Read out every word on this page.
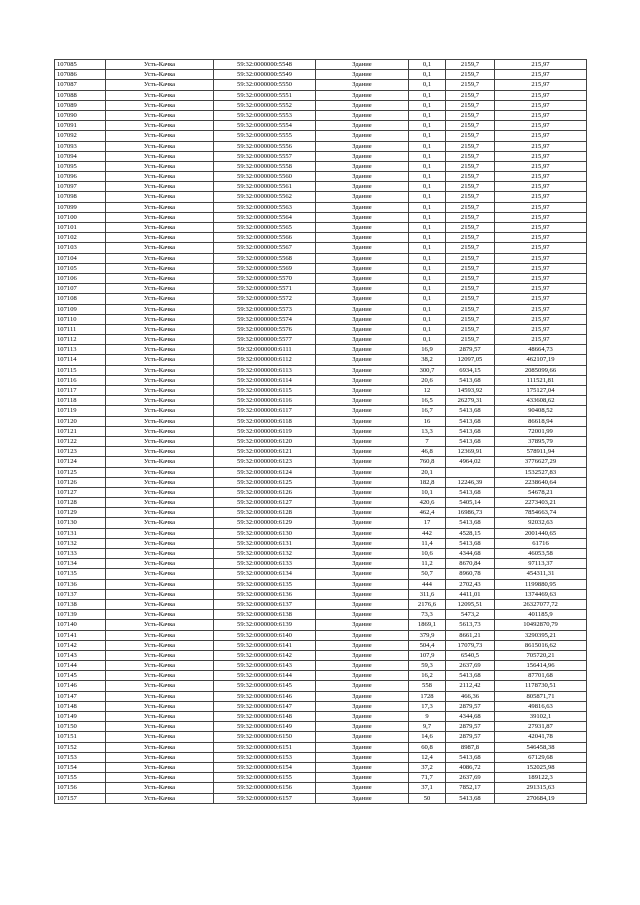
107085	Усть-Качка	59:32:0000000:5548	Здание	0,1	2159,7	215,97
107086	Усть-Качка	59:32:0000000:5549	Здание	0,1	2159,7	215,97
107087	Усть-Качка	59:32:0000000:5550	Здание	0,1	2159,7	215,97
107088	Усть-Качка	59:32:0000000:5551	Здание	0,1	2159,7	215,97
107089	Усть-Качка	59:32:0000000:5552	Здание	0,1	2159,7	215,97
107090	Усть-Качка	59:32:0000000:5553	Здание	0,1	2159,7	215,97
107091	Усть-Качка	59:32:0000000:5554	Здание	0,1	2159,7	215,97
107092	Усть-Качка	59:32:0000000:5555	Здание	0,1	2159,7	215,97
107093	Усть-Качка	59:32:0000000:5556	Здание	0,1	2159,7	215,97
107094	Усть-Качка	59:32:0000000:5557	Здание	0,1	2159,7	215,97
107095	Усть-Качка	59:32:0000000:5558	Здание	0,1	2159,7	215,97
107096	Усть-Качка	59:32:0000000:5560	Здание	0,1	2159,7	215,97
107097	Усть-Качка	59:32:0000000:5561	Здание	0,1	2159,7	215,97
107098	Усть-Качка	59:32:0000000:5562	Здание	0,1	2159,7	215,97
107099	Усть-Качка	59:32:0000000:5563	Здание	0,1	2159,7	215,97
107100	Усть-Качка	59:32:0000000:5564	Здание	0,1	2159,7	215,97
107101	Усть-Качка	59:32:0000000:5565	Здание	0,1	2159,7	215,97
107102	Усть-Качка	59:32:0000000:5566	Здание	0,1	2159,7	215,97
107103	Усть-Качка	59:32:0000000:5567	Здание	0,1	2159,7	215,97
107104	Усть-Качка	59:32:0000000:5568	Здание	0,1	2159,7	215,97
107105	Усть-Качка	59:32:0000000:5569	Здание	0,1	2159,7	215,97
107106	Усть-Качка	59:32:0000000:5570	Здание	0,1	2159,7	215,97
107107	Усть-Качка	59:32:0000000:5571	Здание	0,1	2159,7	215,97
107108	Усть-Качка	59:32:0000000:5572	Здание	0,1	2159,7	215,97
107109	Усть-Качка	59:32:0000000:5573	Здание	0,1	2159,7	215,97
107110	Усть-Качка	59:32:0000000:5574	Здание	0,1	2159,7	215,97
107111	Усть-Качка	59:32:0000000:5576	Здание	0,1	2159,7	215,97
107112	Усть-Качка	59:32:0000000:5577	Здание	0,1	2159,7	215,97
107113	Усть-Качка	59:32:0000000:6111	Здание	16,9	2879,57	48664,73
107114	Усть-Качка	59:32:0000000:6112	Здание	38,2	12097,05	462107,19
107115	Усть-Качка	59:32:0000000:6113	Здание	300,7	6934,15	2085099,66
107116	Усть-Качка	59:32:0000000:6114	Здание	20,6	5413,68	111521,81
107117	Усть-Качка	59:32:0000000:6115	Здание	12	14593,92	175127,04
107118	Усть-Качка	59:32:0000000:6116	Здание	16,5	26279,31	433608,62
107119	Усть-Качка	59:32:0000000:6117	Здание	16,7	5413,68	90408,52
107120	Усть-Качка	59:32:0000000:6118	Здание	16	5413,68	86618,94
107121	Усть-Качка	59:32:0000000:6119	Здание	13,3	5413,68	72001,99
107122	Усть-Качка	59:32:0000000:6120	Здание	7	5413,68	37895,79
107123	Усть-Качка	59:32:0000000:6121	Здание	46,8	12369,91	578911,94
107124	Усть-Качка	59:32:0000000:6123	Здание	760,8	4964,02	3776627,29
107125	Усть-Качка	59:32:0000000:6124	Здание	20,1		1532527,83
107126	Усть-Качка	59:32:0000000:6125	Здание	182,8	12246,39	2238640,64
107127	Усть-Качка	59:32:0000000:6126	Здание	10,1	5413,68	54678,21
107128	Усть-Качка	59:32:0000000:6127	Здание	420,6	5405,14	2273403,21
107129	Усть-Качка	59:32:0000000:6128	Здание	462,4	16986,73	7854663,74
107130	Усть-Качка	59:32:0000000:6129	Здание	17	5413,68	92032,63
107131	Усть-Качка	59:32:0000000:6130	Здание	442	4528,15	2001440,65
107132	Усть-Качка	59:32:0000000:6131	Здание	11,4	5413,68	61716
107133	Усть-Качка	59:32:0000000:6132	Здание	10,6	4344,68	46053,58
107134	Усть-Качка	59:32:0000000:6133	Здание	11,2	8670,84	97113,37
107135	Усть-Качка	59:32:0000000:6134	Здание	50,7	8960,78	454311,31
107136	Усть-Качка	59:32:0000000:6135	Здание	444	2702,43	1199880,95
107137	Усть-Качка	59:32:0000000:6136	Здание	311,6	4411,01	1374469,63
107138	Усть-Качка	59:32:0000000:6137	Здание	2176,6	12095,51	26327077,72
107139	Усть-Качка	59:32:0000000:6138	Здание	73,3	5473,2	401185,9
107140	Усть-Качка	59:32:0000000:6139	Здание	1869,1	5613,73	10492870,79
107141	Усть-Качка	59:32:0000000:6140	Здание	379,9	8661,21	3290395,21
107142	Усть-Качка	59:32:0000000:6141	Здание	504,4	17079,73	8615016,62
107143	Усть-Качка	59:32:0000000:6142	Здание	107,9	6540,5	705720,21
107144	Усть-Качка	59:32:0000000:6143	Здание	59,3	2637,69	156414,96
107145	Усть-Качка	59:32:0000000:6144	Здание	16,2	5413,68	87701,68
107146	Усть-Качка	59:32:0000000:6145	Здание	558	2112,42	1178730,51
107147	Усть-Качка	59:32:0000000:6146	Здание	1728	466,36	805871,71
107148	Усть-Качка	59:32:0000000:6147	Здание	17,3	2879,57	49816,63
107149	Усть-Качка	59:32:0000000:6148	Здание	9	4344,68	39102,1
107150	Усть-Качка	59:32:0000000:6149	Здание	9,7	2879,57	27931,87
107151	Усть-Качка	59:32:0000000:6150	Здание	14,6	2879,57	42041,78
107152	Усть-Качка	59:32:0000000:6151	Здание	60,8	8987,8	546458,38
107153	Усть-Качка	59:32:0000000:6153	Здание	12,4	5413,68	67129,68
107154	Усть-Качка	59:32:0000000:6154	Здание	37,2	4086,72	152025,98
107155	Усть-Качка	59:32:0000000:6155	Здание	71,7	2637,69	189122,3
107156	Усть-Качка	59:32:0000000:6156	Здание	37,1	7852,17	291315,63
107157	Усть-Качка	59:32:0000000:6157	Здание	50	5413,68	270684,19
